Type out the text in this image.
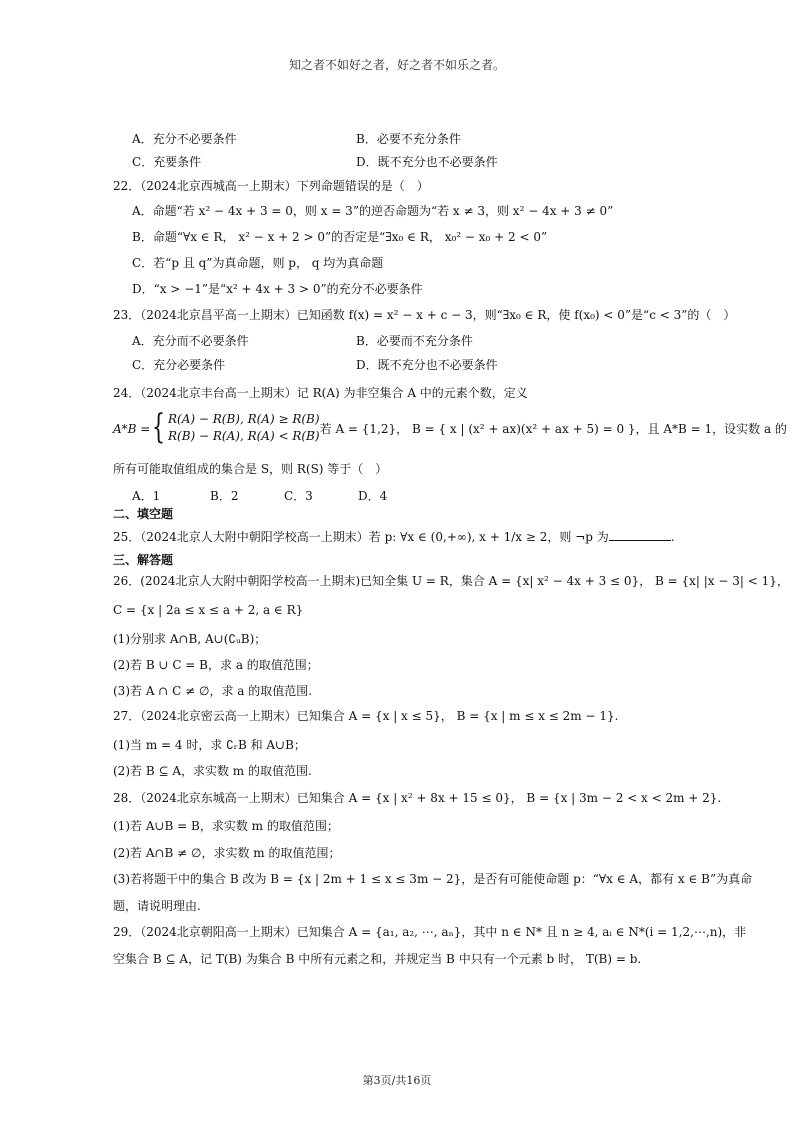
知之者不如好之者，好之者不如乐之者。
A．充分不必要条件	B．必要不充分条件
C．充要条件	D．既不充分也不必要条件
22．（2024北京西城高一上期末）下列命题错误的是（　）
A．命题“若 x² − 4x + 3 = 0，则 x = 3”的逆否命题为“若 x ≠ 3，则 x² − 4x + 3 ≠ 0”
B．命题“∀x ∈ R， x² − x + 2 > 0”的否定是“∃x₀ ∈ R， x₀² − x₀ + 2 < 0”
C．若“p 且 q”为真命题，则 p， q 均为真命题
D．“x > −1”是“x² + 4x + 3 > 0”的充分不必要条件
23．（2024北京昌平高一上期末）已知函数 f(x) = x² − x + c − 3，则“∃x₀ ∈ R，使 f(x₀) < 0”是“c < 3”的（　）
A．充分而不必要条件	B．必要而不充分条件
C．充分必要条件	D．既不充分也不必要条件
24．（2024北京丰台高一上期末）记 R(A) 为非空集合 A 中的元素个数，定义
A*B = { R(A) − R(B), R(A) ≥ R(B)
R(B) − R(A), R(A) < R(B)
. 若 A = {1,2}， B = { x | (x² + ax)(x² + ax + 5) = 0 }，且 A*B = 1，设实数 a 的
所有可能取值组成的集合是 S，则 R(S) 等于（　）
A．1	B．2	C．3	D．4
二、填空题
25．（2024北京人大附中朝阳学校高一上期末）若 p: ∀x ∈ (0,+∞), x + 1/x ≥ 2，则 ¬p 为	.
三、解答题
26．(2024北京人大附中朝阳学校高一上期末)已知全集 U = R，集合 A = {x| x² − 4x + 3 ≤ 0}， B = {x| |x − 3| < 1}，
C = {x | 2a ≤ x ≤ a + 2, a ∈ R}
(1)分别求 A∩B, A∪(∁ᵤB)；
(2)若 B ∪ C = B，求 a 的取值范围；
(3)若 A ∩ C ≠ ∅，求 a 的取值范围.
27．（2024北京密云高一上期末）已知集合 A = {x | x ≤ 5}， B = {x | m ≤ x ≤ 2m − 1}.
(1)当 m = 4 时，求 ∁ᵣB 和 A∪B；
(2)若 B ⊆ A，求实数 m 的取值范围.
28．（2024北京东城高一上期末）已知集合 A = {x | x² + 8x + 15 ≤ 0}， B = {x | 3m − 2 < x < 2m + 2}.
(1)若 A∪B = B，求实数 m 的取值范围；
(2)若 A∩B ≠ ∅，求实数 m 的取值范围；
(3)若将题干中的集合 B 改为 B = {x | 2m + 1 ≤ x ≤ 3m − 2}，是否有可能使命题 p：“∀x ∈ A，都有 x ∈ B”为真命
题，请说明理由.
29．（2024北京朝阳高一上期末）已知集合 A = {a₁, a₂, ⋯, aₙ}，其中 n ∈ N* 且 n ≥ 4, aᵢ ∈ N*(i = 1,2,⋯,n)，非
空集合 B ⊆ A，记 T(B) 为集合 B 中所有元素之和，并规定当 B 中只有一个元素 b 时， T(B) = b.
第3页/共16页
